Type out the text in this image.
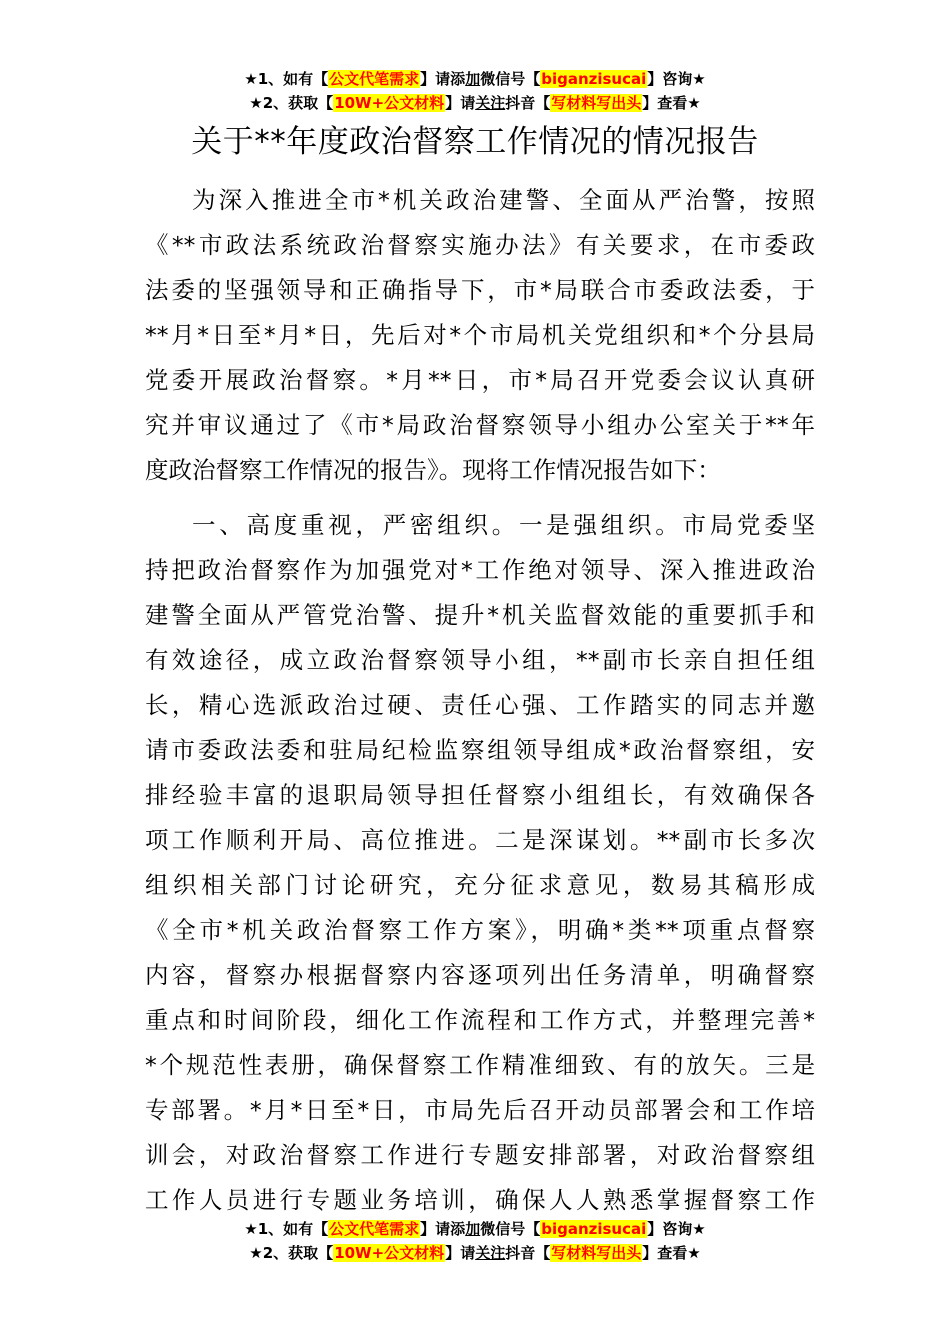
★1、如有【公文代笔需求】请添加微信号【biganzisucai】咨询★
★2、获取【10W+公文材料】请关注抖音【写材料写出头】查看★
关于**年度政治督察工作情况的情况报告
为深入推进全市*机关政治建警、全面从严治警，按照
《**市政法系统政治督察实施办法》有关要求，在市委政
法委的坚强领导和正确指导下，市*局联合市委政法委，于
**月*日至*月*日，先后对*个市局机关党组织和*个分县局
党委开展政治督察。*月**日，市*局召开党委会议认真研
究并审议通过了《市*局政治督察领导小组办公室关于**年
度政治督察工作情况的报告》。现将工作情况报告如下：
一、高度重视，严密组织。一是强组织。市局党委坚
持把政治督察作为加强党对*工作绝对领导、深入推进政治
建警全面从严管党治警、提升*机关监督效能的重要抓手和
有效途径，成立政治督察领导小组，**副市长亲自担任组
长，精心选派政治过硬、责任心强、工作踏实的同志并邀
请市委政法委和驻局纪检监察组领导组成*政治督察组，安
排经验丰富的退职局领导担任督察小组组长，有效确保各
项工作顺利开局、高位推进。二是深谋划。**副市长多次
组织相关部门讨论研究，充分征求意见，数易其稿形成
《全市*机关政治督察工作方案》，明确*类**项重点督察
内容，督察办根据督察内容逐项列出任务清单，明确督察
重点和时间阶段，细化工作流程和工作方式，并整理完善*
*个规范性表册，确保督察工作精准细致、有的放矢。三是
专部署。*月*日至*日，市局先后召开动员部署会和工作培
训会，对政治督察工作进行专题安排部署，对政治督察组
工作人员进行专题业务培训，确保人人熟悉掌握督察工作
★1、如有【公文代笔需求】请添加微信号【biganzisucai】咨询★
★2、获取【10W+公文材料】请关注抖音【写材料写出头】查看★
